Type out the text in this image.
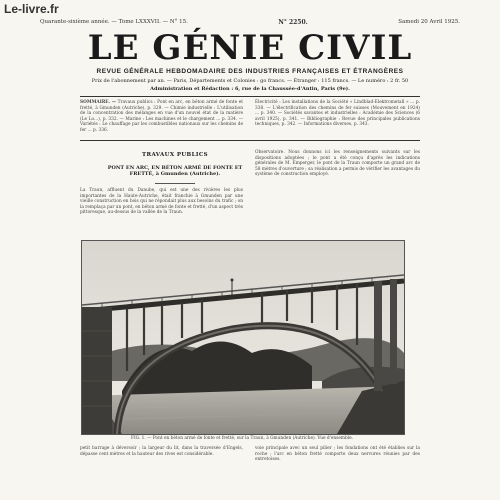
Le-livre.fr
Quarante-sixième année. — Tome LXXXVII. — N° 15.	N° 2250.	Samedi 20 Avril 1925.
LE GÉNIE CIVIL
REVUE GÉNÉRALE HEBDOMADAIRE DES INDUSTRIES FRANÇAISES ET ÉTRANGÈRES
Prix de l'abonnement par an. — Paris, Départements et Colonies : go francs. — Étranger : 115 francs. — Le numéro : 2 fr. 50
Administration et Rédaction : 6, rue de la Chaussée-d'Antin, Paris (9e).
SOMMAIRE. — Travaux publics : Pont en arc, en béton armé de fonte et fretté, à Gmunden (Autriche), p. 329. — Chimie industrielle : L'utilisation de la concentration des mélanges en vue d'un nouvel état de la matière (Le Lo...), p. 332. — Marine : Les machines et le chargement ... p. 334. — Variétés : Le chauffage par les combustibles nationaux sur les chemins de fer ... p. 336.
Électricité : Les installations de la Société « Lindblad-Elektrometall » ... p. 338. — L'électrification des chemins de fer suisses (Mouvement en 1924) ... p. 340. — Sociétés savantes et industrielles : Académie des Sciences (6 avril 1925), p. 341. — Bibliographie : Revue des principales publications techniques, p. 342. — Informations diverses, p. 343.
TRAVAUX PUBLICS
PONT EN ARC, EN BÉTON ARMÉ DE FONTE ET FRETTÉ, à Gmunden (Autriche).
La Traun, affluent du Danube, qui est une des rivières les plus importantes de la Haute-Autriche, était franchie à Gmunden par une vieille construction en bois qui ne répondait plus aux besoins du trafic ; on la remplaça par un pont, en béton armé de fonte et fretté, d'un aspect très pittoresque, au-dessus de la vallée de la Traun.
Observatoire. Nous donnons ici les renseignements suivants sur les dispositions adoptées ; le pont a été conçu d'après les indications générales de M. Emperger, le pont de la Traun comporte un grand arc de 58 mètres d'ouverture ; sa réalisation a permis de vérifier les avantages du système de construction employé.
FIG. 1. — Pont en béton armé de fonte et fretté, sur la Traun, à Gmunden (Autriche). Vue d'ensemble.
petit barrage à déversoir ; la largeur du lit, dans la traversée d'Engels, dépasse cent mètres et la hauteur des rives est considérable.
voie principale avec un seul pilier ; les fondations ont été établies sur la roche ; l'arc en béton fretté comporte deux nervures réunies par des entretoises.
